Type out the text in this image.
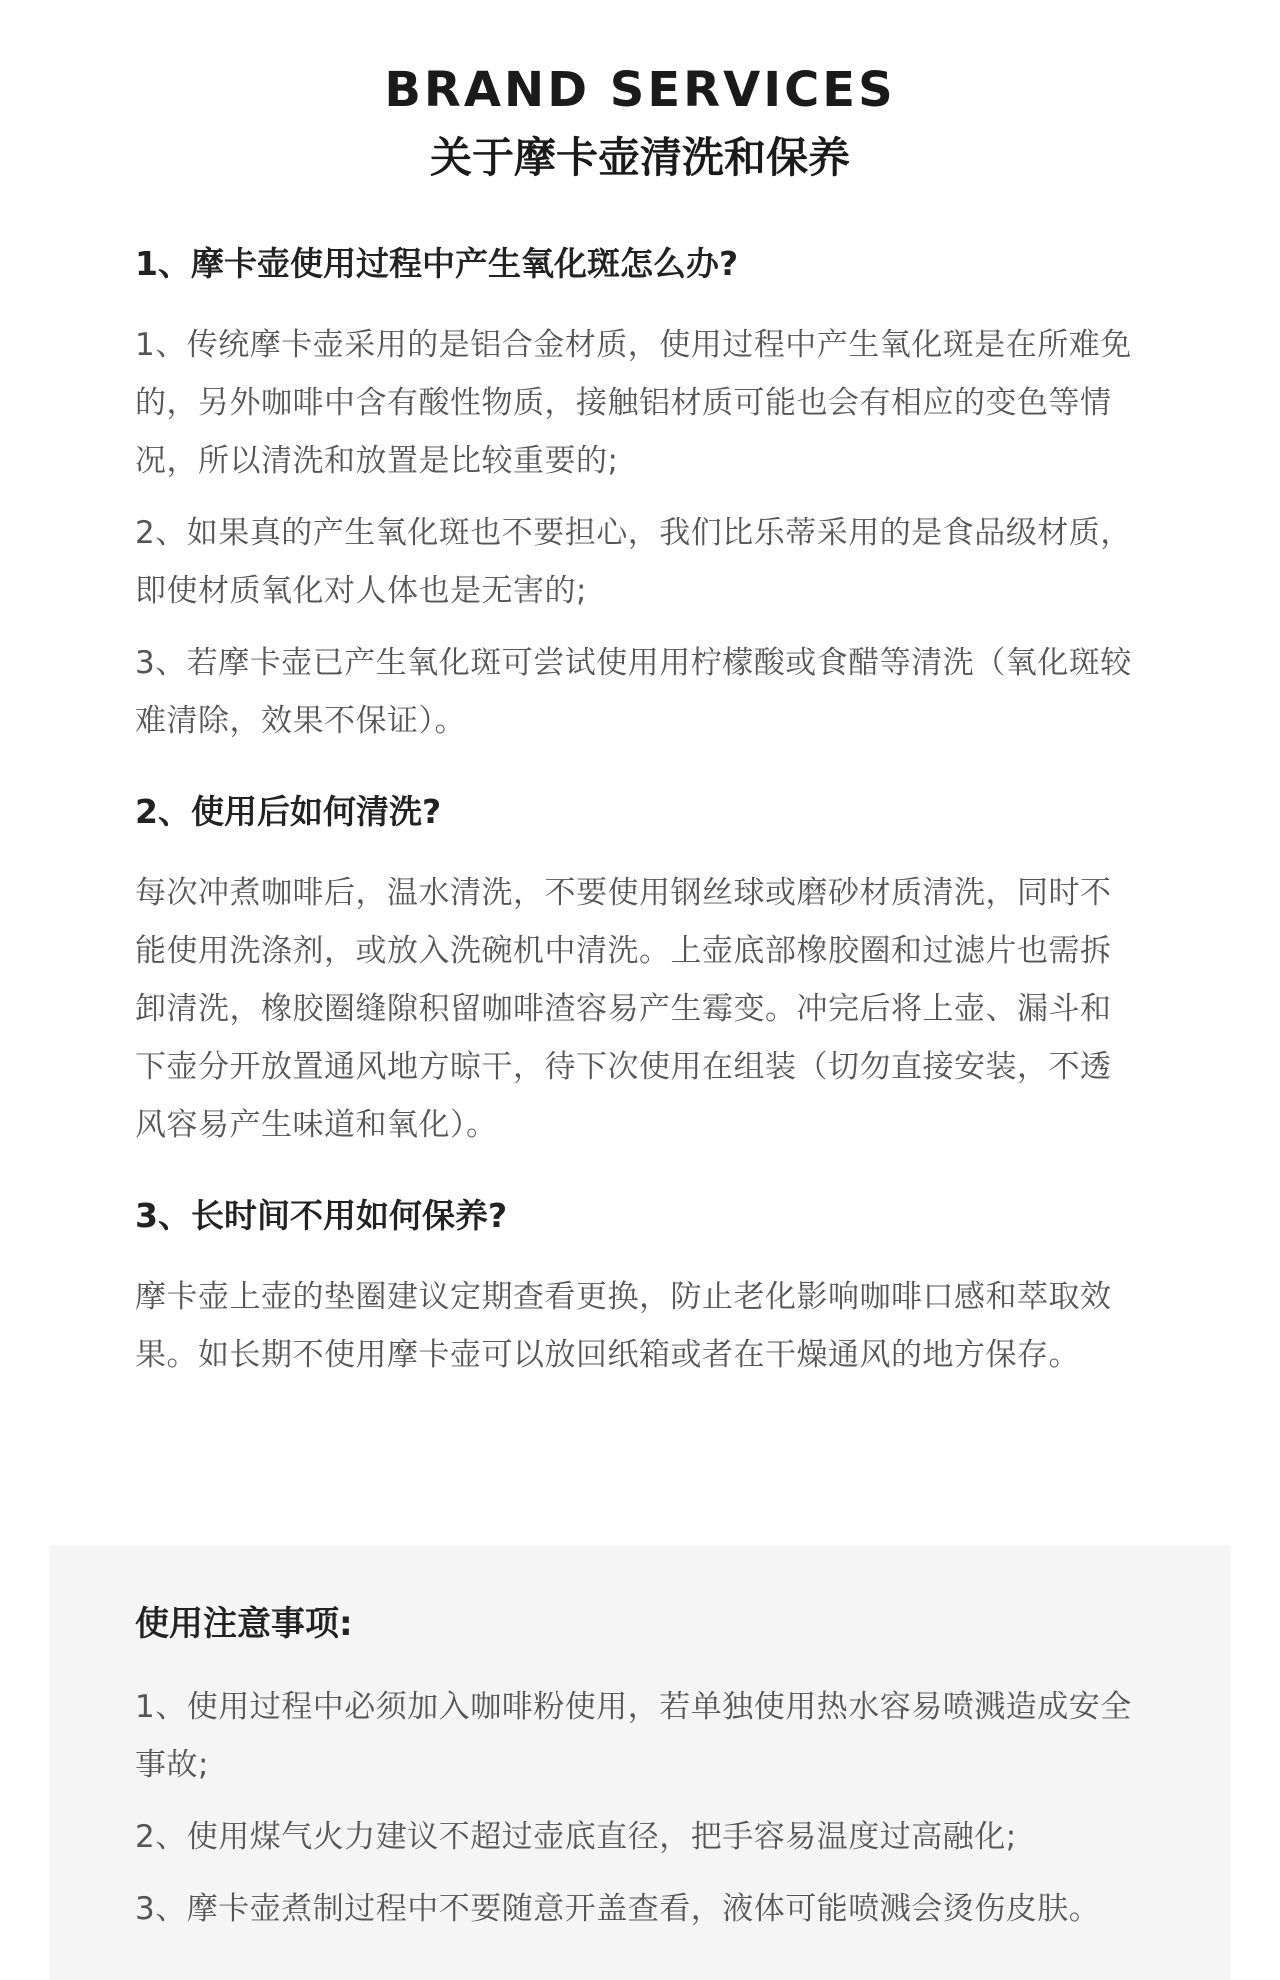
BRAND SERVICES
关于摩卡壶清洗和保养
1、摩卡壶使用过程中产生氧化斑怎么办?

1、传统摩卡壶采用的是铝合金材质，使用过程中产生氧化斑是在所难免的，另外咖啡中含有酸性物质，接触铝材质可能也会有相应的变色等情况，所以清洗和放置是比较重要的;

2、如果真的产生氧化斑也不要担心，我们比乐蒂采用的是食品级材质，即使材质氧化对人体也是无害的;

3、若摩卡壶已产生氧化斑可尝试使用用柠檬酸或食醋等清洗（氧化斑较难清除，效果不保证）。

2、使用后如何清洗?

每次冲煮咖啡后，温水清洗，不要使用钢丝球或磨砂材质清洗，同时不能使用洗涤剂，或放入洗碗机中清洗。上壶底部橡胶圈和过滤片也需拆卸清洗，橡胶圈缝隙积留咖啡渣容易产生霉变。冲完后将上壶、漏斗和下壶分开放置通风地方晾干，待下次使用在组装（切勿直接安装，不透风容易产生味道和氧化）。

3、长时间不用如何保养?

摩卡壶上壶的垫圈建议定期查看更换，防止老化影响咖啡口感和萃取效果。如长期不使用摩卡壶可以放回纸箱或者在干燥通风的地方保存。

使用注意事项:

1、使用过程中必须加入咖啡粉使用，若单独使用热水容易喷溅造成安全事故;

2、使用煤气火力建议不超过壶底直径，把手容易温度过高融化;

3、摩卡壶煮制过程中不要随意开盖查看，液体可能喷溅会烫伤皮肤。
